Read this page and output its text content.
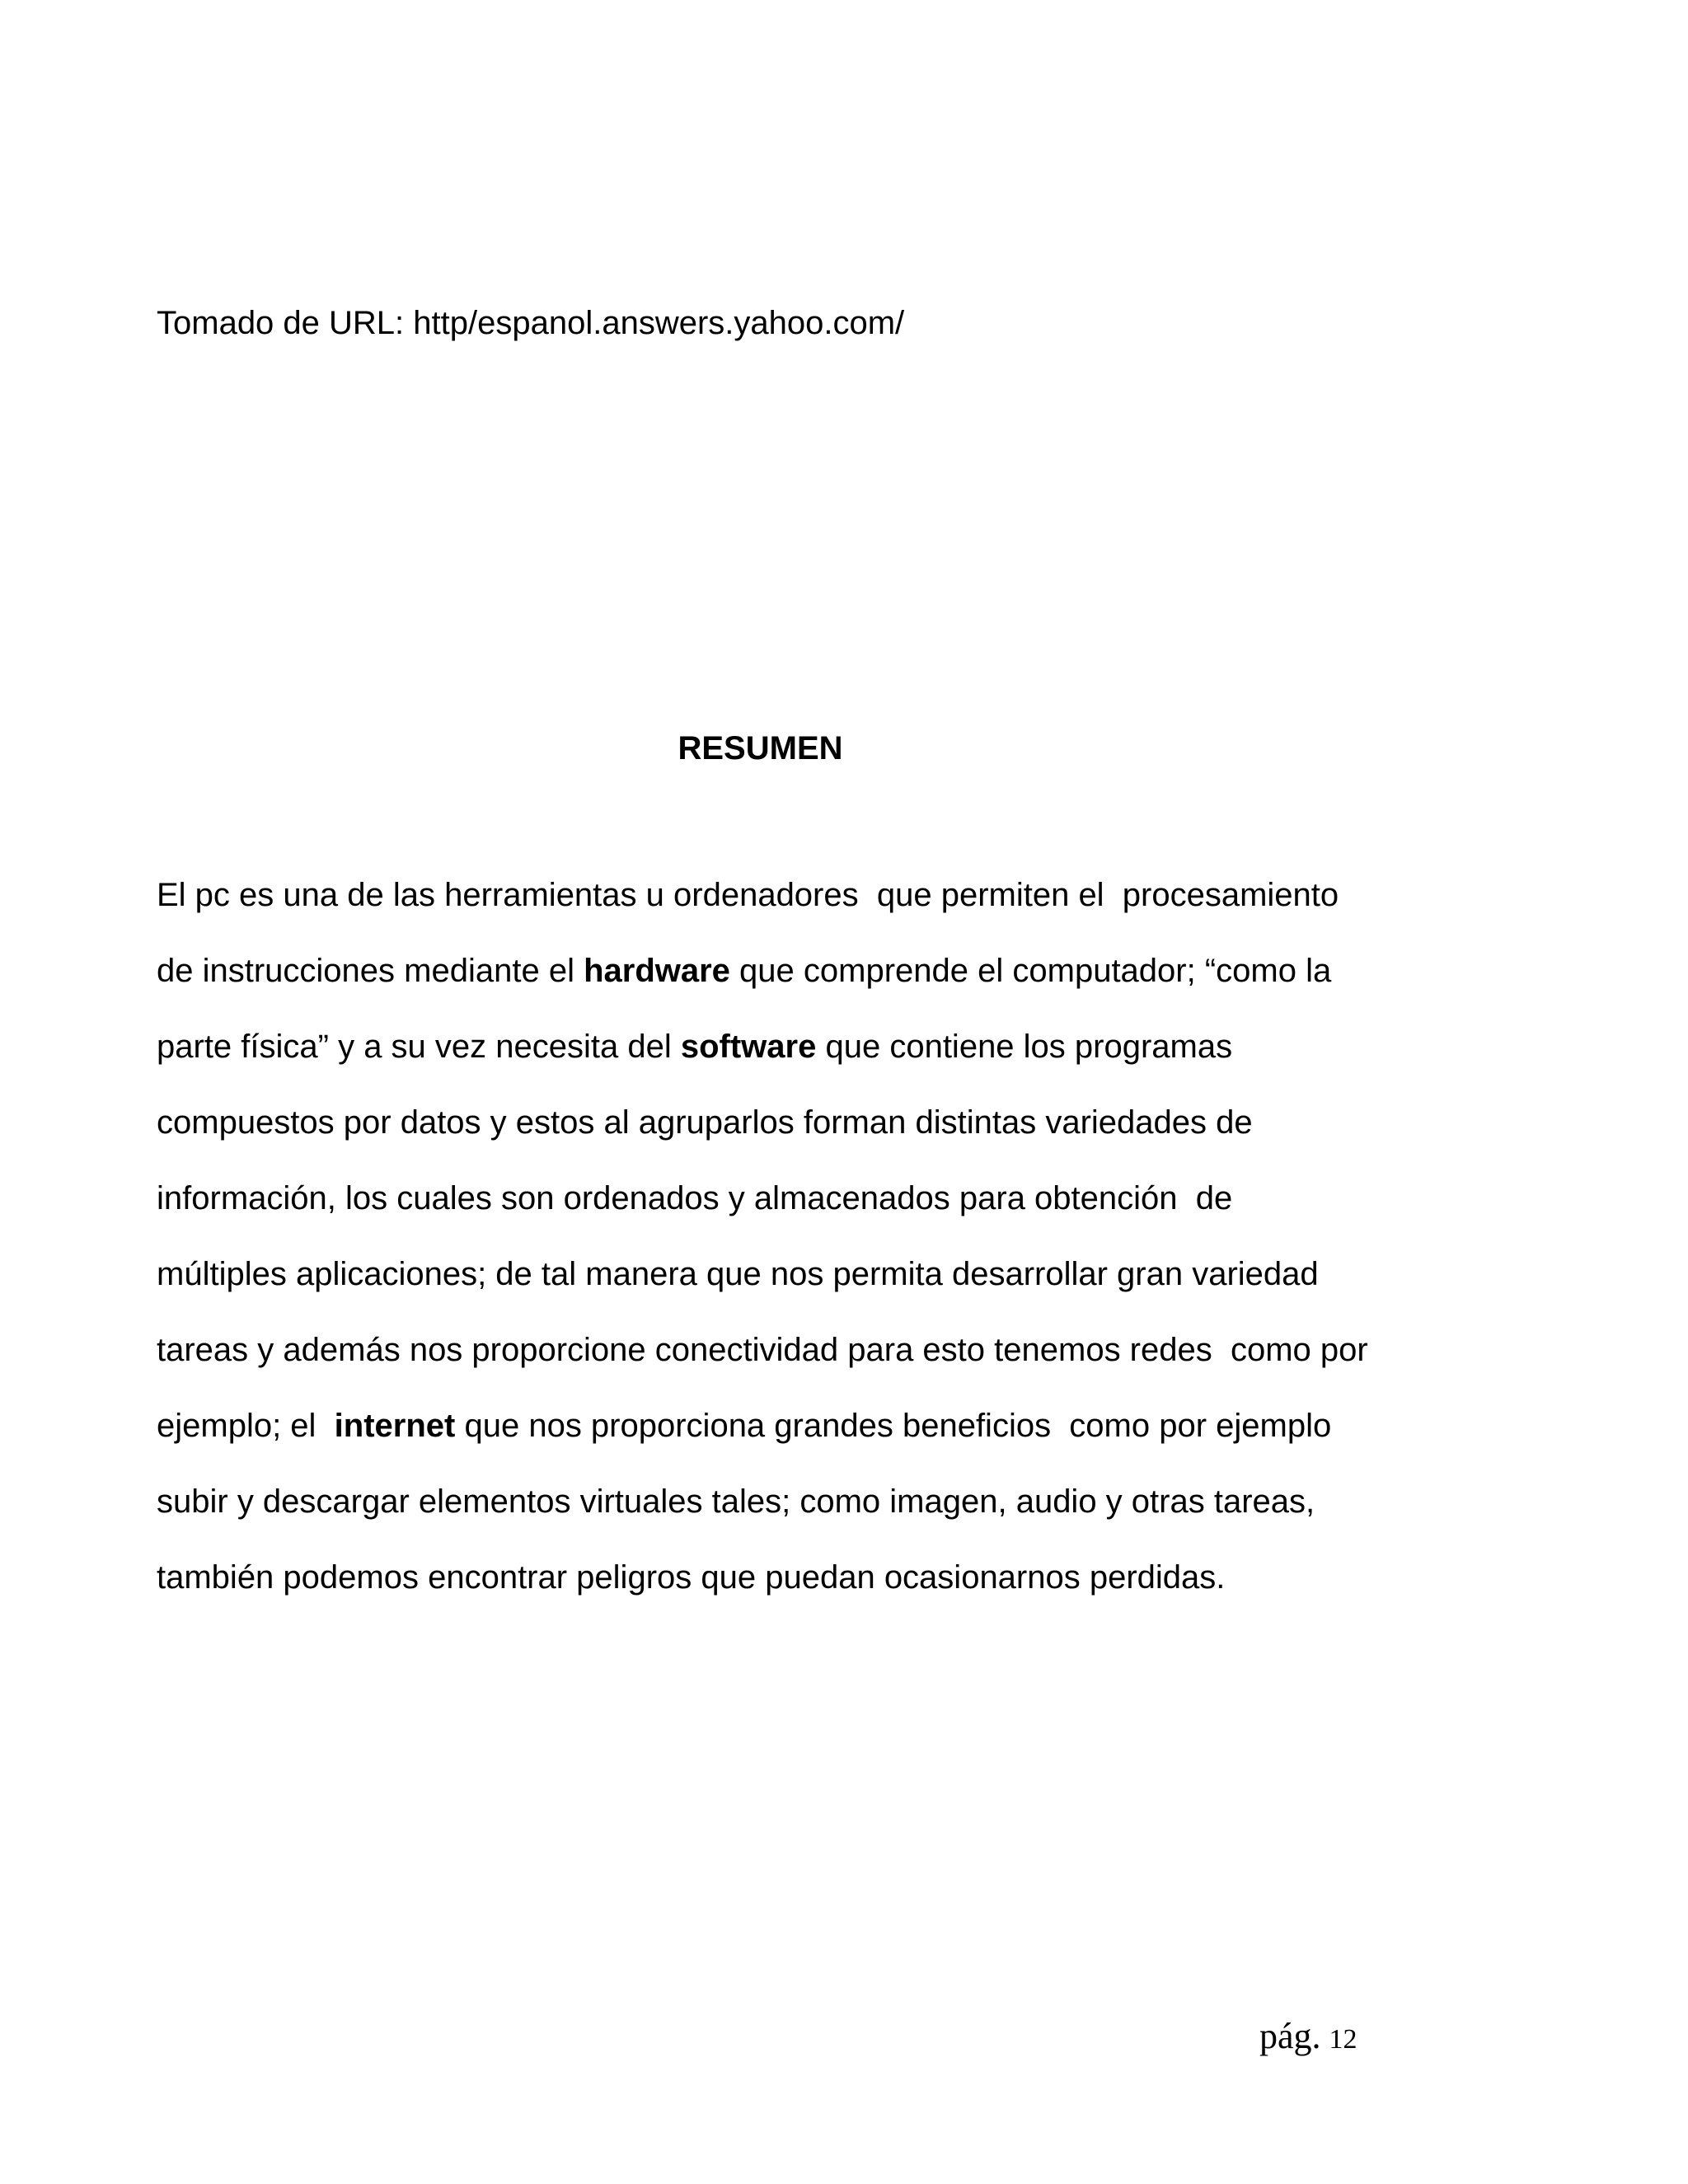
Tomado de URL: http/espanol.answers.yahoo.com/
RESUMEN
El pc es una de las herramientas u ordenadores  que permiten el  procesamiento
de instrucciones mediante el hardware que comprende el computador; “como la
parte física” y a su vez necesita del software que contiene los programas
compuestos por datos y estos al agruparlos forman distintas variedades de
información, los cuales son ordenados y almacenados para obtención  de
múltiples aplicaciones; de tal manera que nos permita desarrollar gran variedad
tareas y además nos proporcione conectividad para esto tenemos redes  como por
ejemplo; el  internet que nos proporciona grandes beneficios  como por ejemplo
subir y descargar elementos virtuales tales; como imagen, audio y otras tareas,
también podemos encontrar peligros que puedan ocasionarnos perdidas.
pág. 12
